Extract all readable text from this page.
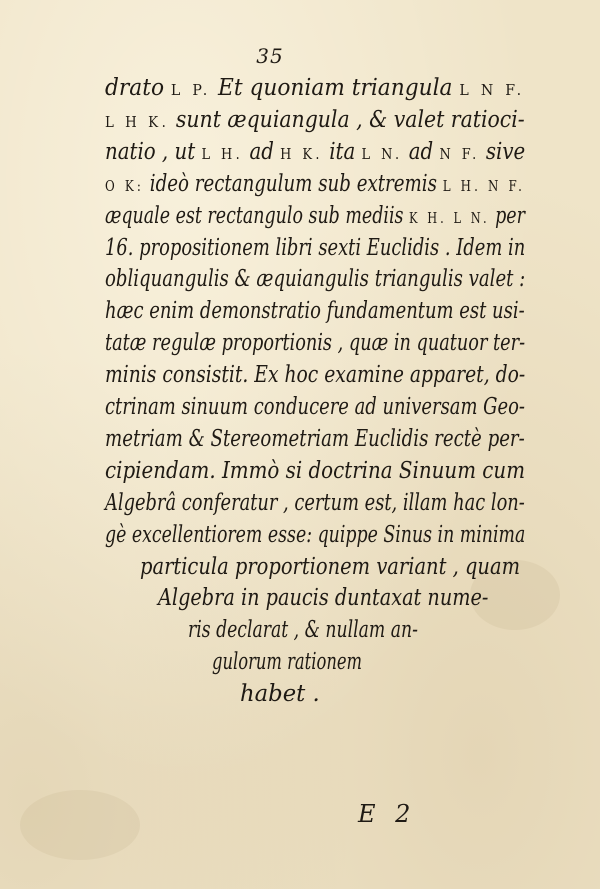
35
drato L P. Et quoniam triangula L N F.
L H K. sunt æquiangula , & valet ratioci-
natio , ut L H. ad H K. ita L N. ad N F. sive
O K: ideò rectangulum sub extremis L H. N F.
æquale est rectangulo sub mediis K H. L N. per
16. propositionem libri sexti Euclidis . Idem in
obliquangulis & æquiangulis triangulis valet :
hæc enim demonstratio fundamentum est usi-
tatæ regulæ proportionis , quæ in quatuor ter-
minis consistit. Ex hoc examine apparet, do-
ctrinam sinuum conducere ad universam Geo-
metriam & Stereometriam Euclidis rectè per-
cipiendam. Immò si doctrina Sinuum cum
Algebrâ conferatur , certum est, illam hac lon-
gè excellentiorem esse: quippe Sinus in minima
particula proportionem variant , quam
Algebra in paucis duntaxat nume-
ris declarat , & nullam an-
gulorum rationem
habet .
E 2
